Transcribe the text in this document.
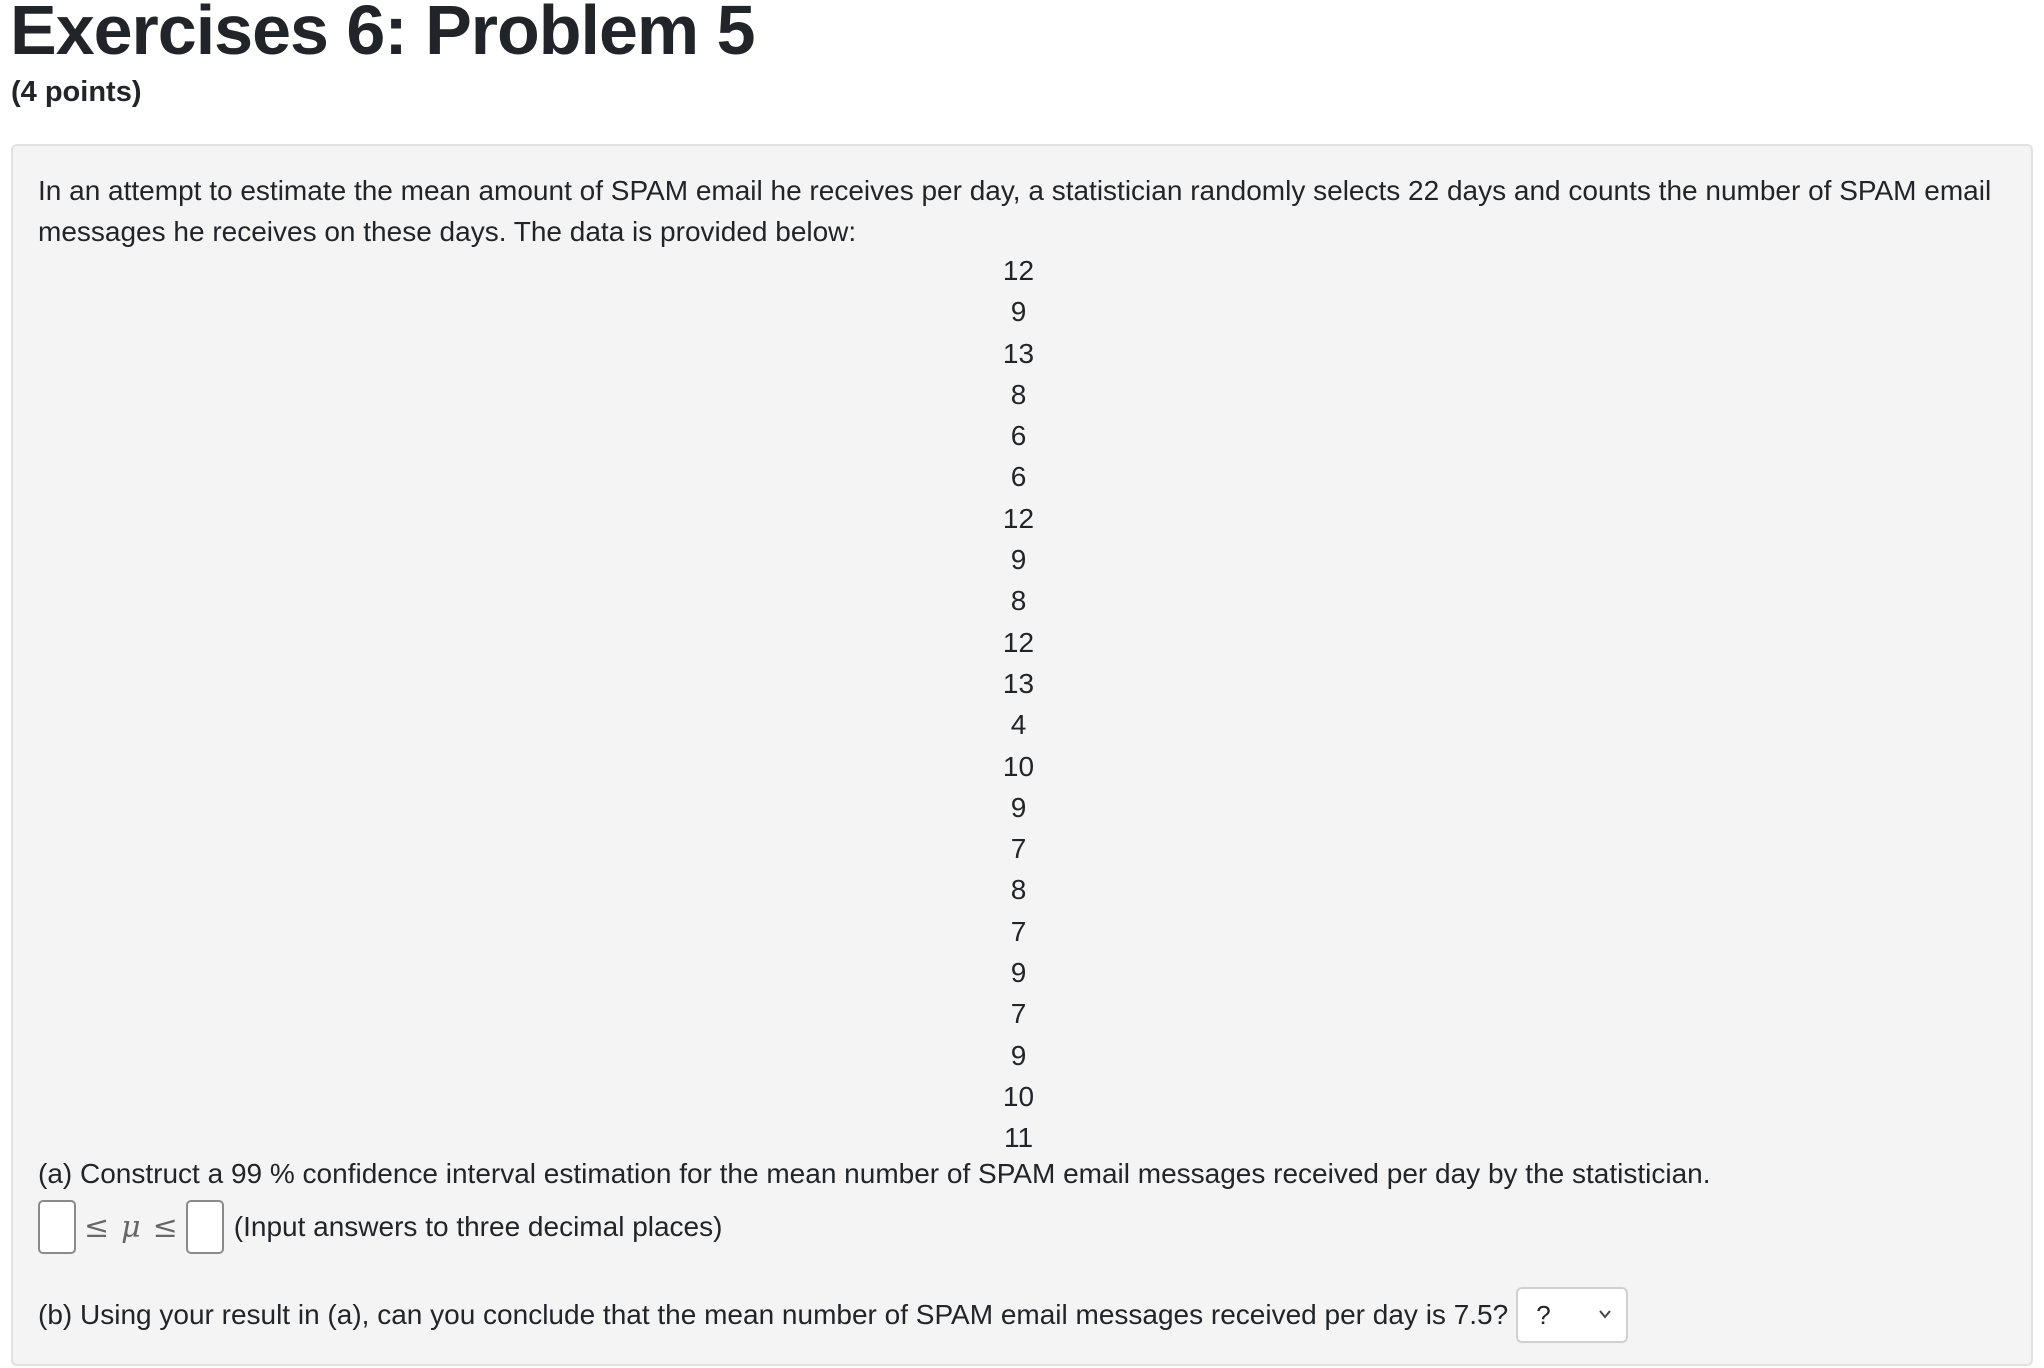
Exercises 6: Problem 5
(4 points)
In an attempt to estimate the mean amount of SPAM email he receives per day, a statistician randomly selects 22 days and counts the number of SPAM email messages he receives on these days. The data is provided below:
12
9
13
8
6
6
12
9
8
12
13
4
10
9
7
8
7
9
7
9
10
11
(a) Construct a 99 % confidence interval estimation for the mean number of SPAM email messages received per day by the statistician.
≤ μ ≤ (Input answers to three decimal places)
(b) Using your result in (a), can you conclude that the mean number of SPAM email messages received per day is 7.5? ?
